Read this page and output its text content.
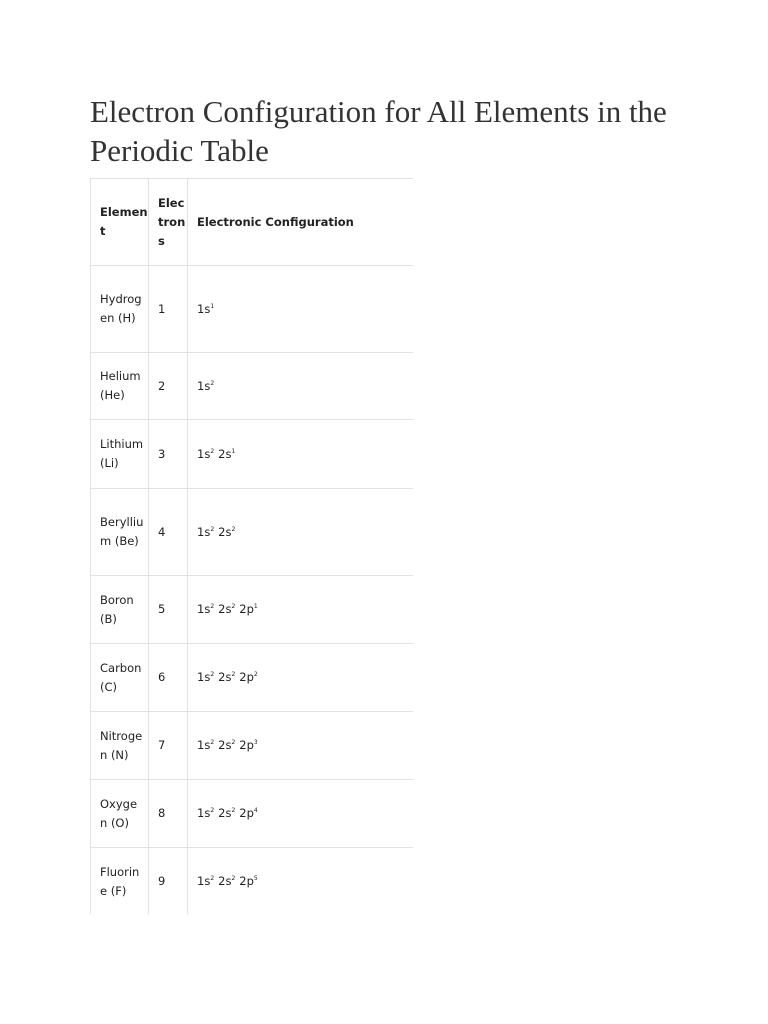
Electron Configuration for All Elements in the Periodic Table
Element	Electrons	Electronic Configuration
Hydrogen (H)	1	$1s^1$
Helium (He)	2	$1s^2$
Lithium (Li)	3	$1s^2$ $2s^1$
Beryllium (Be)	4	$1s^2$ $2s^2$
Boron (B)	5	$1s^2$ $2s^2$ $2p^1$
Carbon (C)	6	$1s^2$ $2s^2$ $2p^2$
Nitrogen (N)	7	$1s^2$ $2s^2$ $2p^3$
Oxygen (O)	8	$1s^2$ $2s^2$ $2p^4$
Fluorine (F)	9	$1s^2$ $2s^2$ $2p^5$
